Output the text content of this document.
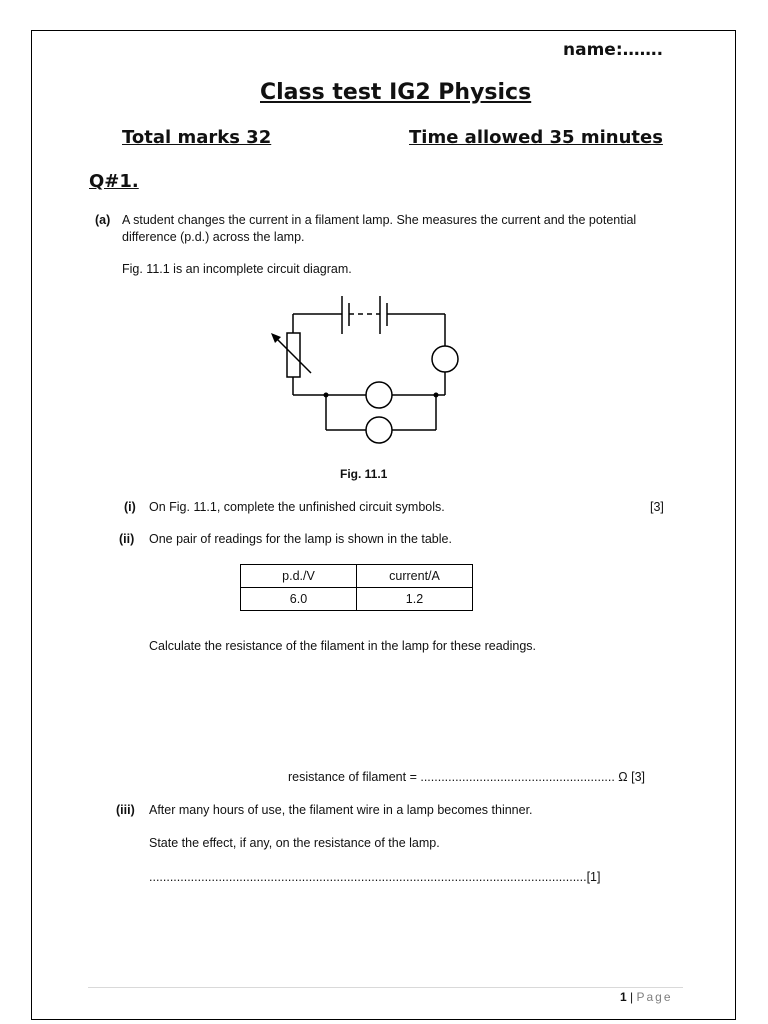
name:…….
Class test IG2 Physics
Total marks 32	Time allowed 35 minutes
Q#1.
(a) A student changes the current in a filament lamp. She measures the current and the potential difference (p.d.) across the lamp.
Fig. 11.1 is an incomplete circuit diagram.
Fig. 11.1
(i) On Fig. 11.1, complete the unfinished circuit symbols.	[3]
(ii) One pair of readings for the lamp is shown in the table.
p.d./V	current/A
6.0	1.2
Calculate the resistance of the filament in the lamp for these readings.
resistance of filament = ........................................................ Ω [3]
(iii) After many hours of use, the filament wire in a lamp becomes thinner.
State the effect, if any, on the resistance of the lamp.
..............................................................................................................................[1]
1 | Page
